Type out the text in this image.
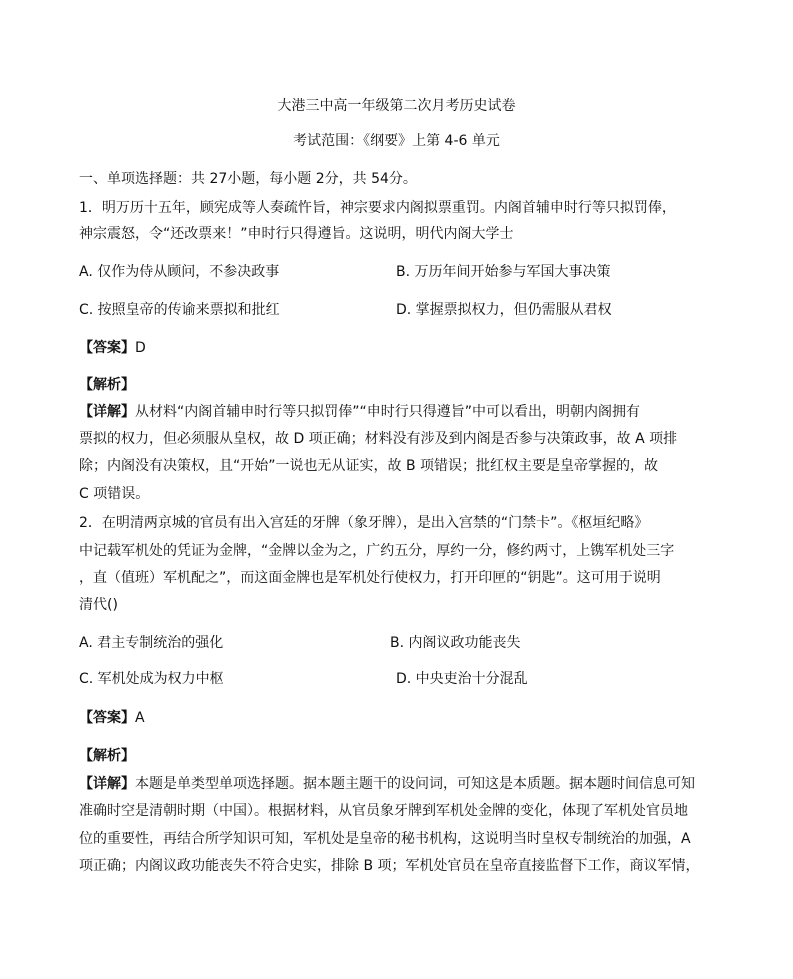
大港三中高一年级第二次月考历史试卷
考试范围：《纲要》上第 4-6 单元
一、单项选择题：共 27小题，每小题 2分，共 54分。
1．明万历十五年，顾宪成等人奏疏忤旨，神宗要求内阁拟票重罚。内阁首辅申时行等只拟罚俸，
神宗震怒，令“还改票来！”申时行只得遵旨。这说明，明代内阁大学士
A. 仅作为侍从顾问，不参决政事	B. 万历年间开始参与军国大事决策
C. 按照皇帝的传谕来票拟和批红	D. 掌握票拟权力，但仍需服从君权
【答案】D
【解析】
【详解】从材料“内阁首辅申时行等只拟罚俸”“申时行只得遵旨”中可以看出，明朝内阁拥有
票拟的权力，但必须服从皇权，故 D 项正确；材料没有涉及到内阁是否参与决策政事，故 A 项排
除；内阁没有决策权，且“开始”一说也无从证实，故 B 项错误；批红权主要是皇帝掌握的，故
C 项错误。
2．在明清两京城的官员有出入宫廷的牙牌（象牙牌），是出入宫禁的“门禁卡”。《枢垣纪略》
中记载军机处的凭证为金牌，“金牌以金为之，广约五分，厚约一分，修约两寸，上镌军机处三字
，直（值班）军机配之”，而这面金牌也是军机处行使权力，打开印匣的“钥匙”。这可用于说明
清代()
A. 君主专制统治的强化	B. 内阁议政功能丧失
C. 军机处成为权力中枢	D. 中央吏治十分混乱
【答案】A
【解析】
【详解】本题是单类型单项选择题。据本题主题干的设问词，可知这是本质题。据本题时间信息可知
准确时空是清朝时期（中国）。根据材料，从官员象牙牌到军机处金牌的变化，体现了军机处官员地
位的重要性，再结合所学知识可知，军机处是皇帝的秘书机构，这说明当时皇权专制统治的加强，A
项正确；内阁议政功能丧失不符合史实，排除 B 项；军机处官员在皇帝直接监督下工作，商议军情，
